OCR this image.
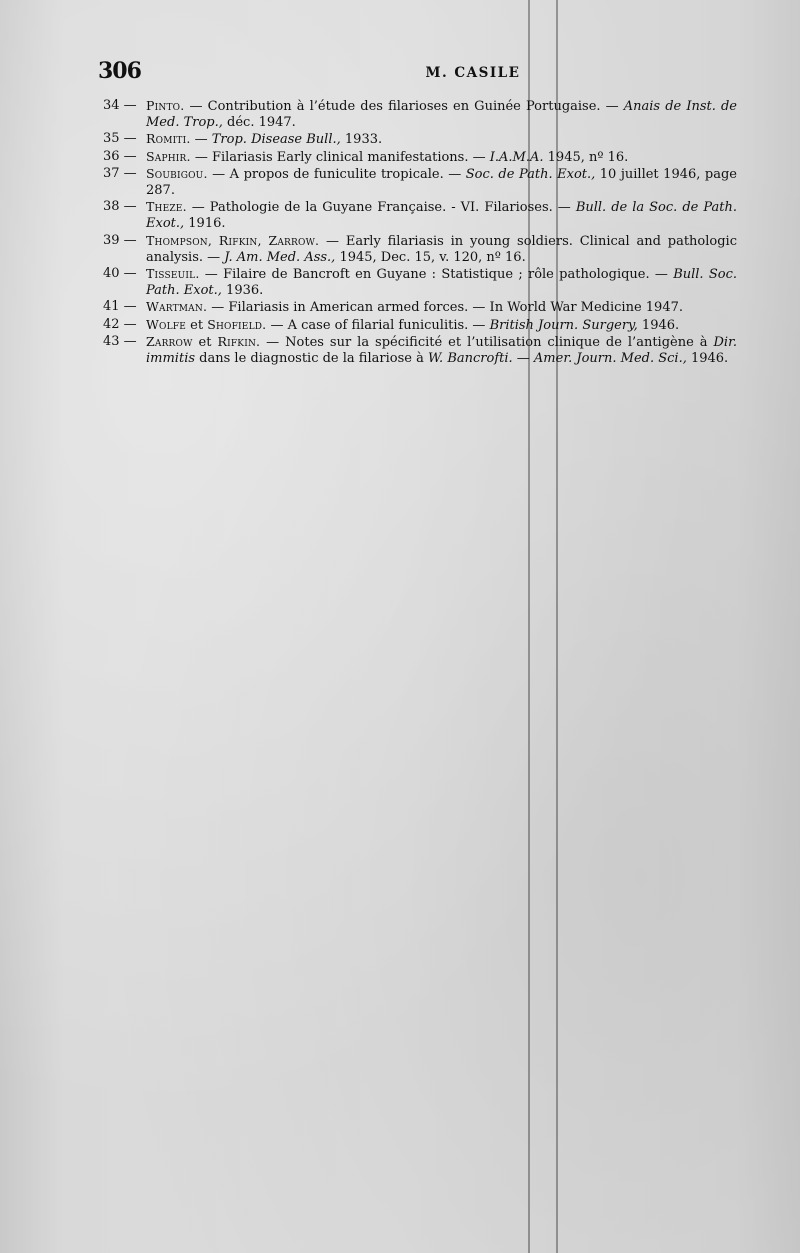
306	M. CASILE
34 — Pinto. — Contribution à l’étude des filarioses en Guinée Portugaise. — Anais de Inst. de Med. Trop., déc. 1947.
35 — Romiti. — Trop. Disease Bull., 1933.
36 — Saphir. — Filariasis Early clinical manifestations. — I.A.M.A. 1945, nº 16.
37 — Soubigou. — A propos de funiculite tropicale. — Soc. de Path. Exot., 10 juillet 1946, page 287.
38 — Theze. — Pathologie de la Guyane Française. - VI. Filarioses. — Bull. de la Soc. de Path. Exot., 1916.
39 — Thompson, Rifkin, Zarrow. — Early filariasis in young soldiers. Clinical and pathologic analysis. — J. Am. Med. Ass., 1945, Dec. 15, v. 120, nº 16.
40 — Tisseuil. — Filaire de Bancroft en Guyane : Statistique ; rôle pathologique. — Bull. Soc. Path. Exot., 1936.
41 — Wartman. — Filariasis in American armed forces. — In World War Medicine 1947.
42 — Wolfe et Shofield. — A case of filarial funiculitis. — British Journ. Surgery, 1946.
43 — Zarrow et Rifkin. — Notes sur la spécificité et l’utilisation clinique de l’antigène à Dir. immitis dans le diagnostic de la filariose à W. Bancrofti. — Amer. Journ. Med. Sci., 1946.
